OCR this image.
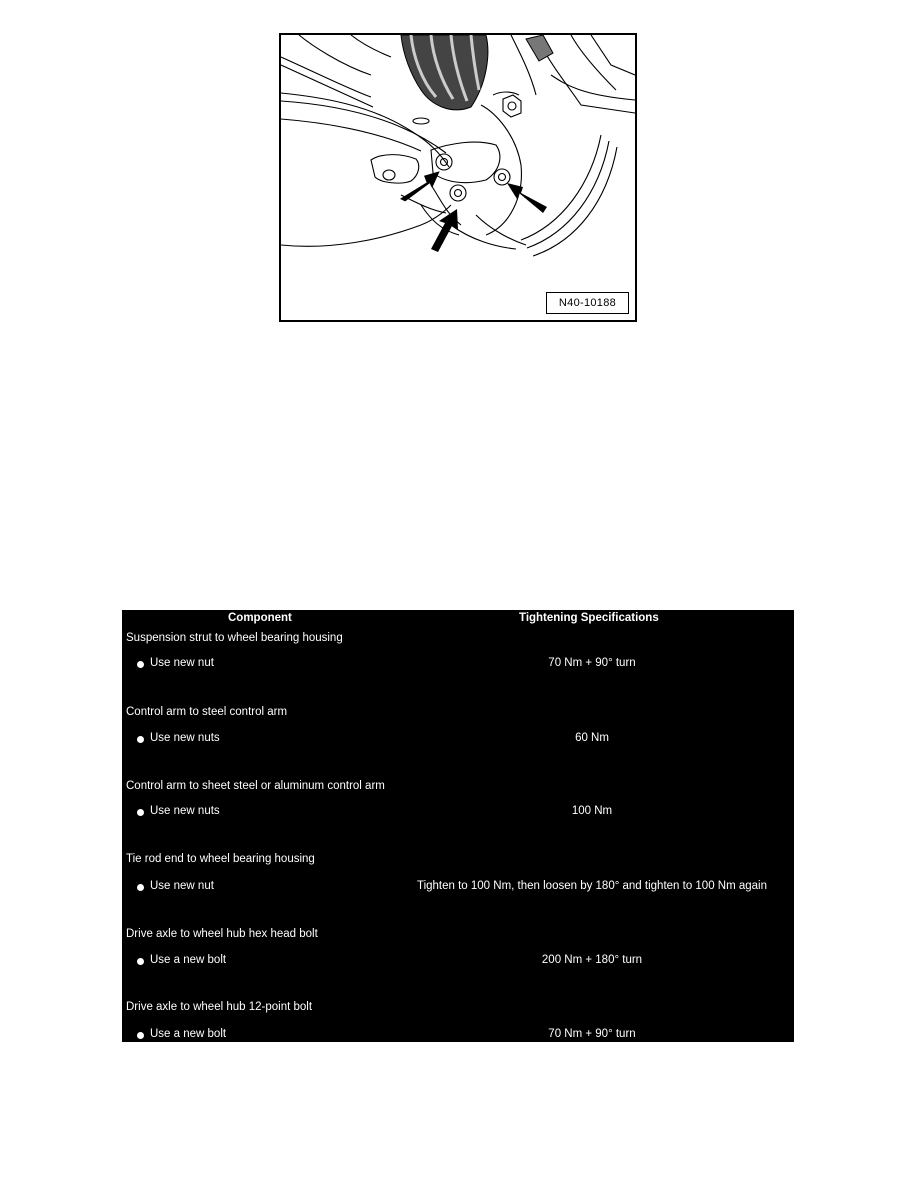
N40-10188
Component	Tightening Specifications
Suspension strut to wheel bearing housing
Use new nut	70 Nm + 90° turn
Control arm to steel control arm
Use new nuts	60 Nm
Control arm to sheet steel or aluminum control arm
Use new nuts	100 Nm
Tie rod end to wheel bearing housing
Use new nut	Tighten to 100 Nm, then loosen by 180° and tighten to 100 Nm again
Drive axle to wheel hub hex head bolt
Use a new bolt	200 Nm + 180° turn
Drive axle to wheel hub 12-point bolt
Use a new bolt	70 Nm + 90° turn
